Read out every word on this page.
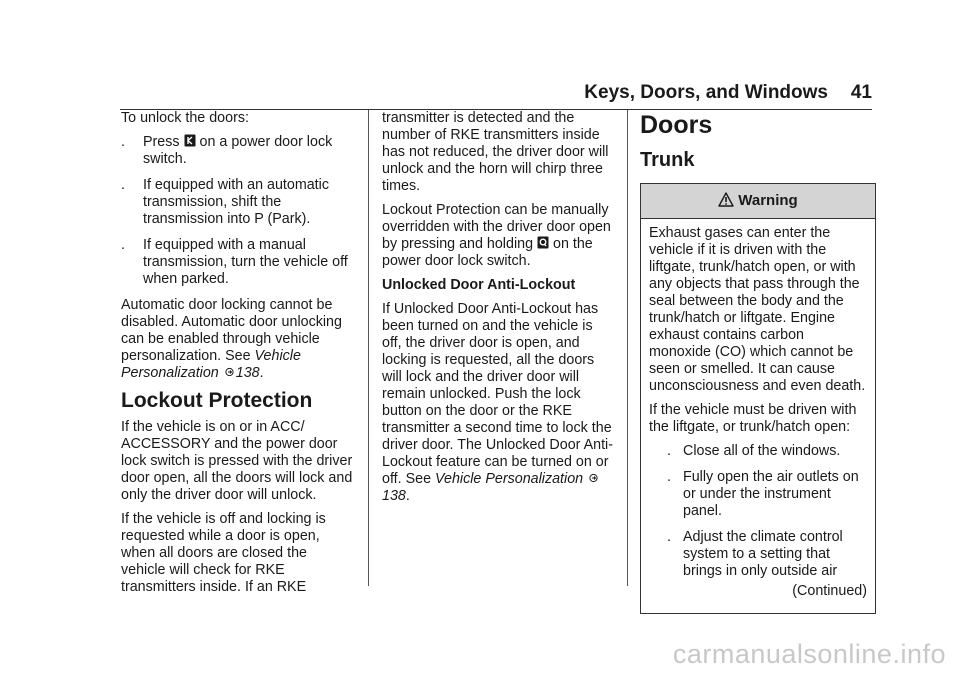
Keys, Doors, and Windows 41

To unlock the doors:

.	Press on a power door lock switch.
.	If equipped with an automatic transmission, shift the transmission into P (Park).
.	If equipped with a manual transmission, turn the vehicle off when parked.

Automatic door locking cannot be disabled. Automatic door unlocking can be enabled through vehicle personalization. See Vehicle Personalization 138.

Lockout Protection

If the vehicle is on or in ACC/ ACCESSORY and the power door lock switch is pressed with the driver door open, all the doors will lock and only the driver door will unlock.

If the vehicle is off and locking is requested while a door is open, when all doors are closed the vehicle will check for RKE transmitters inside. If an RKE

transmitter is detected and the number of RKE transmitters inside has not reduced, the driver door will unlock and the horn will chirp three times.

Lockout Protection can be manually overridden with the driver door open by pressing and holding on the power door lock switch.

Unlocked Door Anti-Lockout

If Unlocked Door Anti-Lockout has been turned on and the vehicle is off, the driver door is open, and locking is requested, all the doors will lock and the driver door will remain unlocked. Push the lock button on the door or the RKE transmitter a second time to lock the driver door. The Unlocked Door Anti-Lockout feature can be turned on or off. See Vehicle Personalization 138.

Doors
Trunk
Warning

Exhaust gases can enter the vehicle if it is driven with the liftgate, trunk/hatch open, or with any objects that pass through the seal between the body and the trunk/hatch or liftgate. Engine exhaust contains carbon monoxide (CO) which cannot be seen or smelled. It can cause unconsciousness and even death.

If the vehicle must be driven with the liftgate, or trunk/hatch open:

. Close all of the windows.
. Fully open the air outlets on or under the instrument panel.
. Adjust the climate control system to a setting that brings in only outside air

(Continued)

carmanualsonline.info
